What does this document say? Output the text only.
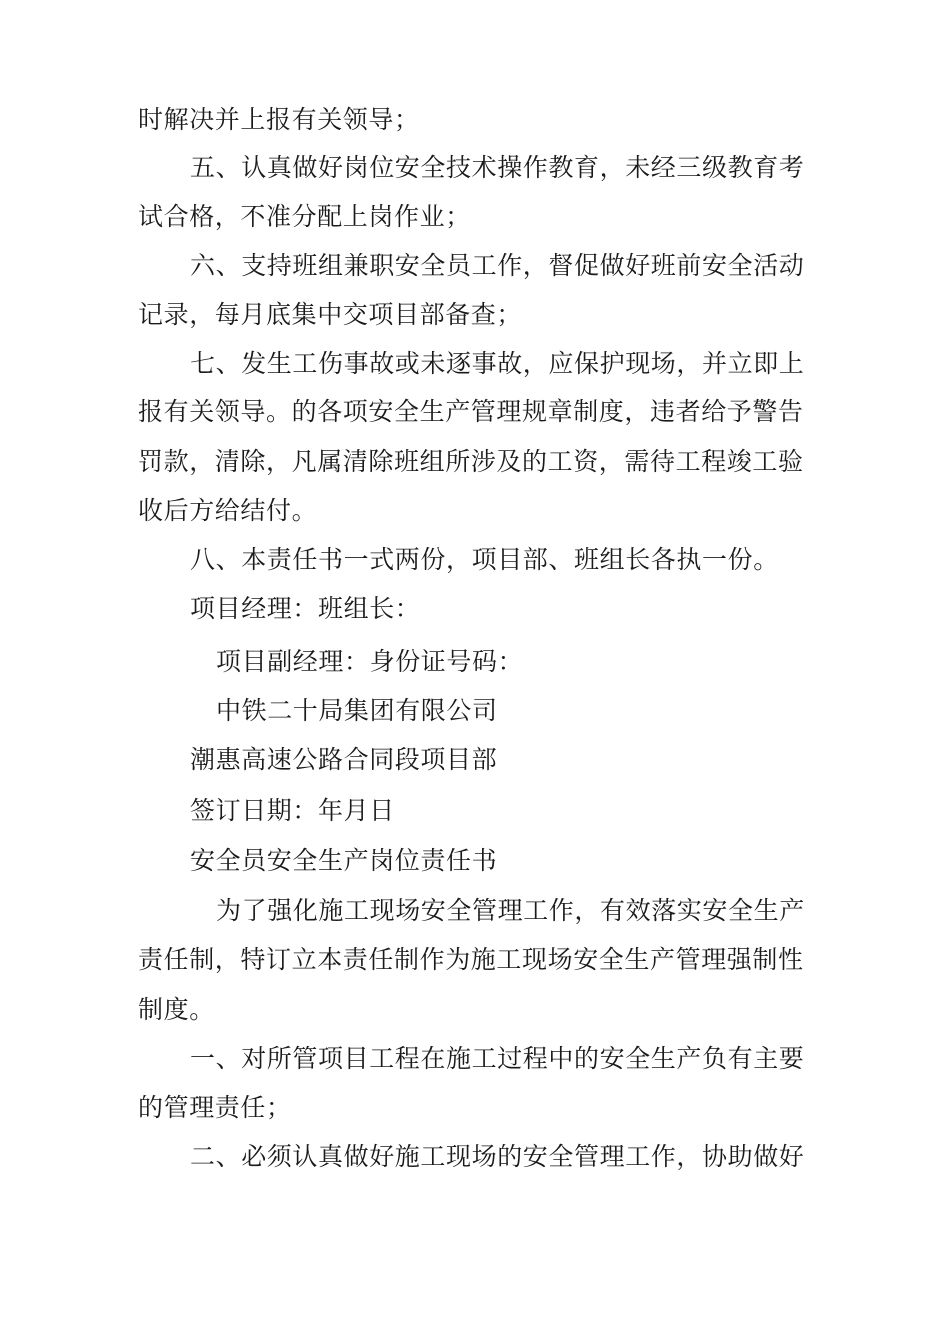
时解决并上报有关领导；
五、认真做好岗位安全技术操作教育，未经三级教育考
试合格，不准分配上岗作业；
六、支持班组兼职安全员工作，督促做好班前安全活动
记录，每月底集中交项目部备查；
七、发生工伤事故或未逐事故，应保护现场，并立即上
报有关领导。的各项安全生产管理规章制度，违者给予警告
罚款，清除，凡属清除班组所涉及的工资，需待工程竣工验
收后方给结付。
八、本责任书一式两份，项目部、班组长各执一份。
项目经理：班组长：
项目副经理：身份证号码：
中铁二十局集团有限公司
潮惠高速公路合同段项目部
签订日期：年月日
安全员安全生产岗位责任书
为了强化施工现场安全管理工作，有效落实安全生产
责任制，特订立本责任制作为施工现场安全生产管理强制性
制度。
一、对所管项目工程在施工过程中的安全生产负有主要
的管理责任；
二、必须认真做好施工现场的安全管理工作，协助做好
